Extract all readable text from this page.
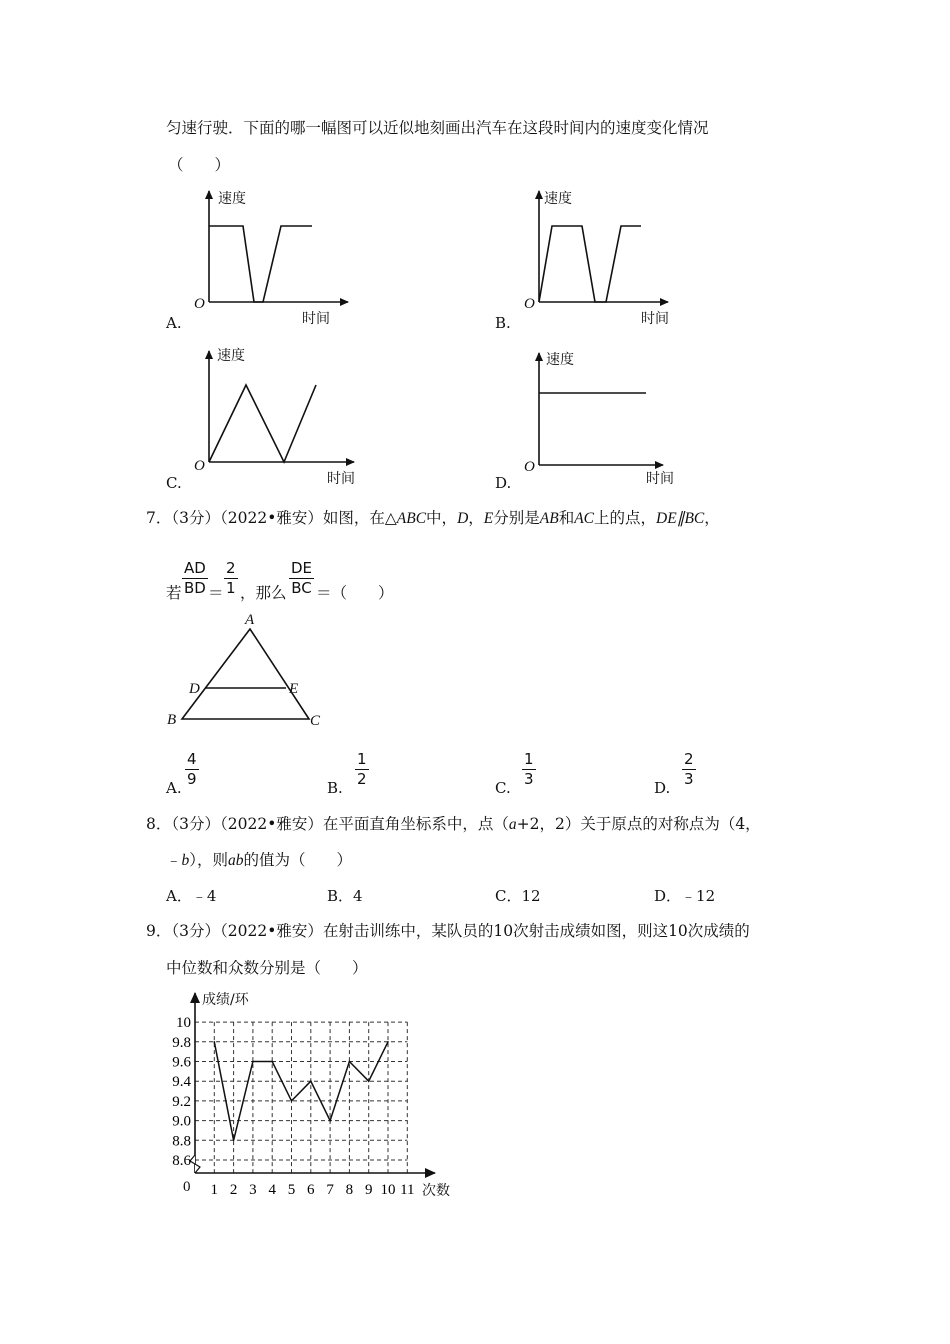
匀速行驶．下面的哪一幅图可以近似地刻画出汽车在这段时间内的速度变化情况
（　　）
速度
时间
O
A.
速度
时间
O
B.
速度
时间
O
C.
速度
时间
O
D.
7．（3分）（2022•雅安）如图，在△ABC中，D，E分别是AB和AC上的点，DE∥BC，
若 $\frac{AD}{BD} = \frac{2}{1}$ ，那么 $\frac{DE}{BC}$ ＝（　　）
A
B	C
D	E
A.
$\frac{4}{9}$
B.
$\frac{1}{2}$
C.
$\frac{1}{3}$
D.
$\frac{2}{3}$
8．（3分）（2022•雅安）在平面直角坐标系中，点（a+2，2）关于原点的对称点为（4，
﹣b），则ab的值为（　　）
A．﹣4	B．4	C．12	D．﹣12
9．（3分）（2022•雅安）在射击训练中，某队员的10次射击成绩如图，则这10次成绩的
中位数和众数分别是（　　）
成绩/环
次数
0
8.6
8.8
9.0
9.2
9.4
9.6
9.8
10
1 2 3 4 5 6 7 8 9 10 11
